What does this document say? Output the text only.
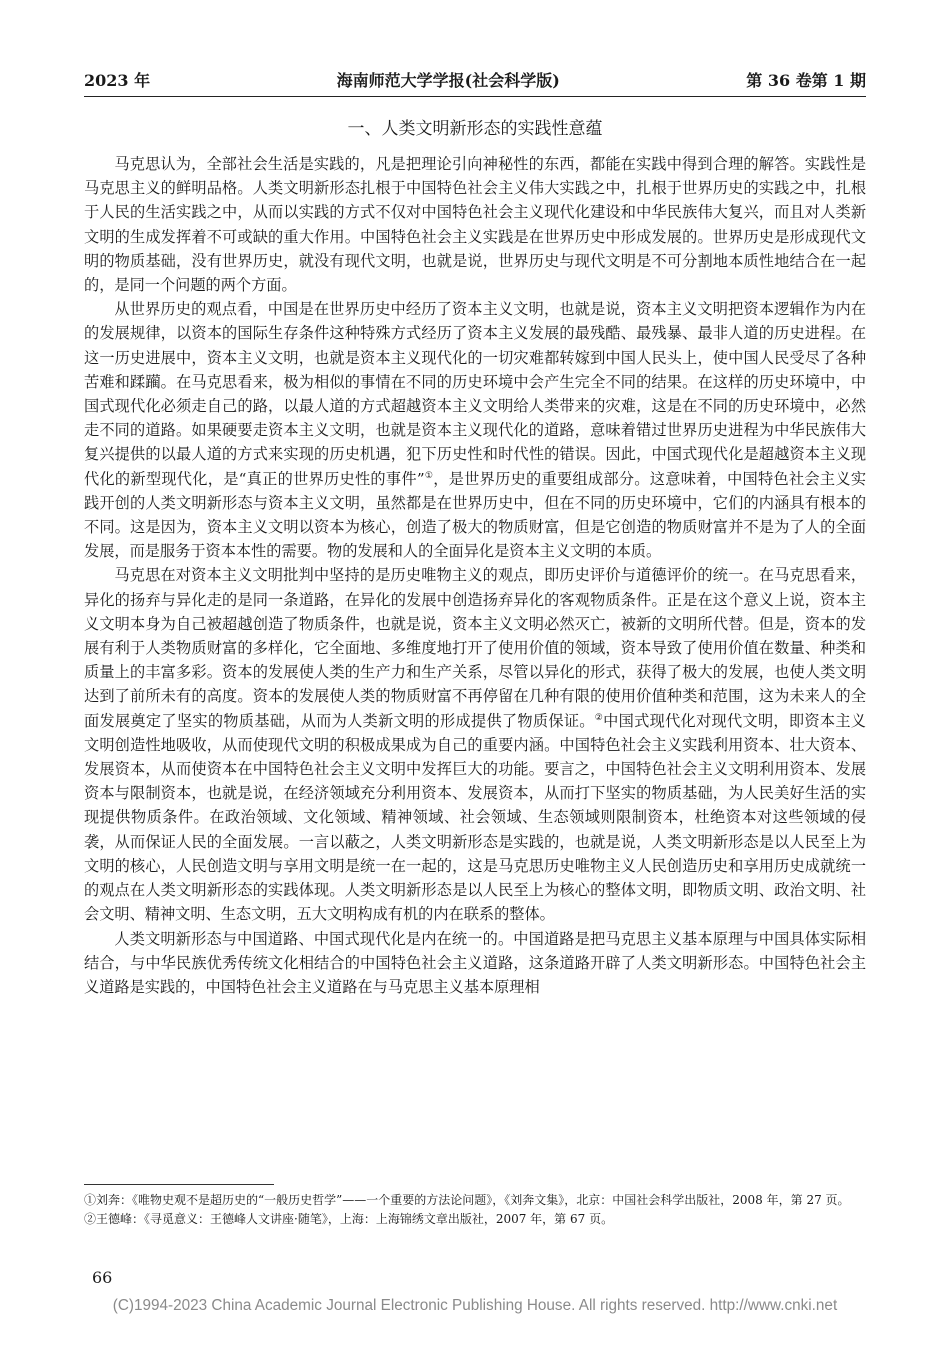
2023 年	海南师范大学学报(社会科学版)	第 36 卷第 1 期
一、人类文明新形态的实践性意蕴

马克思认为，全部社会生活是实践的，凡是把理论引向神秘性的东西，都能在实践中得到合理的解答。实践性是马克思主义的鲜明品格。人类文明新形态扎根于中国特色社会主义伟大实践之中，扎根于世界历史的实践之中，扎根于人民的生活实践之中，从而以实践的方式不仅对中国特色社会主义现代化建设和中华民族伟大复兴，而且对人类新文明的生成发挥着不可或缺的重大作用。中国特色社会主义实践是在世界历史中形成发展的。世界历史是形成现代文明的物质基础，没有世界历史，就没有现代文明，也就是说，世界历史与现代文明是不可分割地本质性地结合在一起的，是同一个问题的两个方面。

从世界历史的观点看，中国是在世界历史中经历了资本主义文明，也就是说，资本主义文明把资本逻辑作为内在的发展规律，以资本的国际生存条件这种特殊方式经历了资本主义发展的最残酷、最残暴、最非人道的历史进程。在这一历史进展中，资本主义文明，也就是资本主义现代化的一切灾难都转嫁到中国人民头上，使中国人民受尽了各种苦难和蹂躏。在马克思看来，极为相似的事情在不同的历史环境中会产生完全不同的结果。在这样的历史环境中，中国式现代化必须走自己的路，以最人道的方式超越资本主义文明给人类带来的灾难，这是在不同的历史环境中，必然走不同的道路。如果硬要走资本主义文明，也就是资本主义现代化的道路，意味着错过世界历史进程为中华民族伟大复兴提供的以最人道的方式来实现的历史机遇，犯下历史性和时代性的错误。因此，中国式现代化是超越资本主义现代化的新型现代化，是“真正的世界历史性的事件”①，是世界历史的重要组成部分。这意味着，中国特色社会主义实践开创的人类文明新形态与资本主义文明，虽然都是在世界历史中，但在不同的历史环境中，它们的内涵具有根本的不同。这是因为，资本主义文明以资本为核心，创造了极大的物质财富，但是它创造的物质财富并不是为了人的全面发展，而是服务于资本本性的需要。物的发展和人的全面异化是资本主义文明的本质。

马克思在对资本主义文明批判中坚持的是历史唯物主义的观点，即历史评价与道德评价的统一。在马克思看来，异化的扬弃与异化走的是同一条道路，在异化的发展中创造扬弃异化的客观物质条件。正是在这个意义上说，资本主义文明本身为自己被超越创造了物质条件，也就是说，资本主义文明必然灭亡，被新的文明所代替。但是，资本的发展有利于人类物质财富的多样化，它全面地、多维度地打开了使用价值的领域，资本导致了使用价值在数量、种类和质量上的丰富多彩。资本的发展使人类的生产力和生产关系，尽管以异化的形式，获得了极大的发展，也使人类文明达到了前所未有的高度。资本的发展使人类的物质财富不再停留在几种有限的使用价值种类和范围，这为未来人的全面发展奠定了坚实的物质基础，从而为人类新文明的形成提供了物质保证。②中国式现代化对现代文明，即资本主义文明创造性地吸收，从而使现代文明的积极成果成为自己的重要内涵。中国特色社会主义实践利用资本、壮大资本、发展资本，从而使资本在中国特色社会主义文明中发挥巨大的功能。要言之，中国特色社会主义文明利用资本、发展资本与限制资本，也就是说，在经济领域充分利用资本、发展资本，从而打下坚实的物质基础，为人民美好生活的实现提供物质条件。在政治领域、文化领域、精神领域、社会领域、生态领域则限制资本，杜绝资本对这些领域的侵袭，从而保证人民的全面发展。一言以蔽之，人类文明新形态是实践的，也就是说，人类文明新形态是以人民至上为文明的核心，人民创造文明与享用文明是统一在一起的，这是马克思历史唯物主义人民创造历史和享用历史成就统一的观点在人类文明新形态的实践体现。人类文明新形态是以人民至上为核心的整体文明，即物质文明、政治文明、社会文明、精神文明、生态文明，五大文明构成有机的内在联系的整体。

人类文明新形态与中国道路、中国式现代化是内在统一的。中国道路是把马克思主义基本原理与中国具体实际相结合，与中华民族优秀传统文化相结合的中国特色社会主义道路，这条道路开辟了人类文明新形态。中国特色社会主义道路是实践的，中国特色社会主义道路在与马克思主义基本原理相

①刘奔：《唯物史观不是超历史的“一般历史哲学”——一个重要的方法论问题》，《刘奔文集》，北京：中国社会科学出版社，2008 年，第 27 页。
②王德峰：《寻觅意义：王德峰人文讲座·随笔》，上海：上海锦绣文章出版社，2007 年，第 67 页。
66
(C)1994-2023 China Academic Journal Electronic Publishing House. All rights reserved. http://www.cnki.net
